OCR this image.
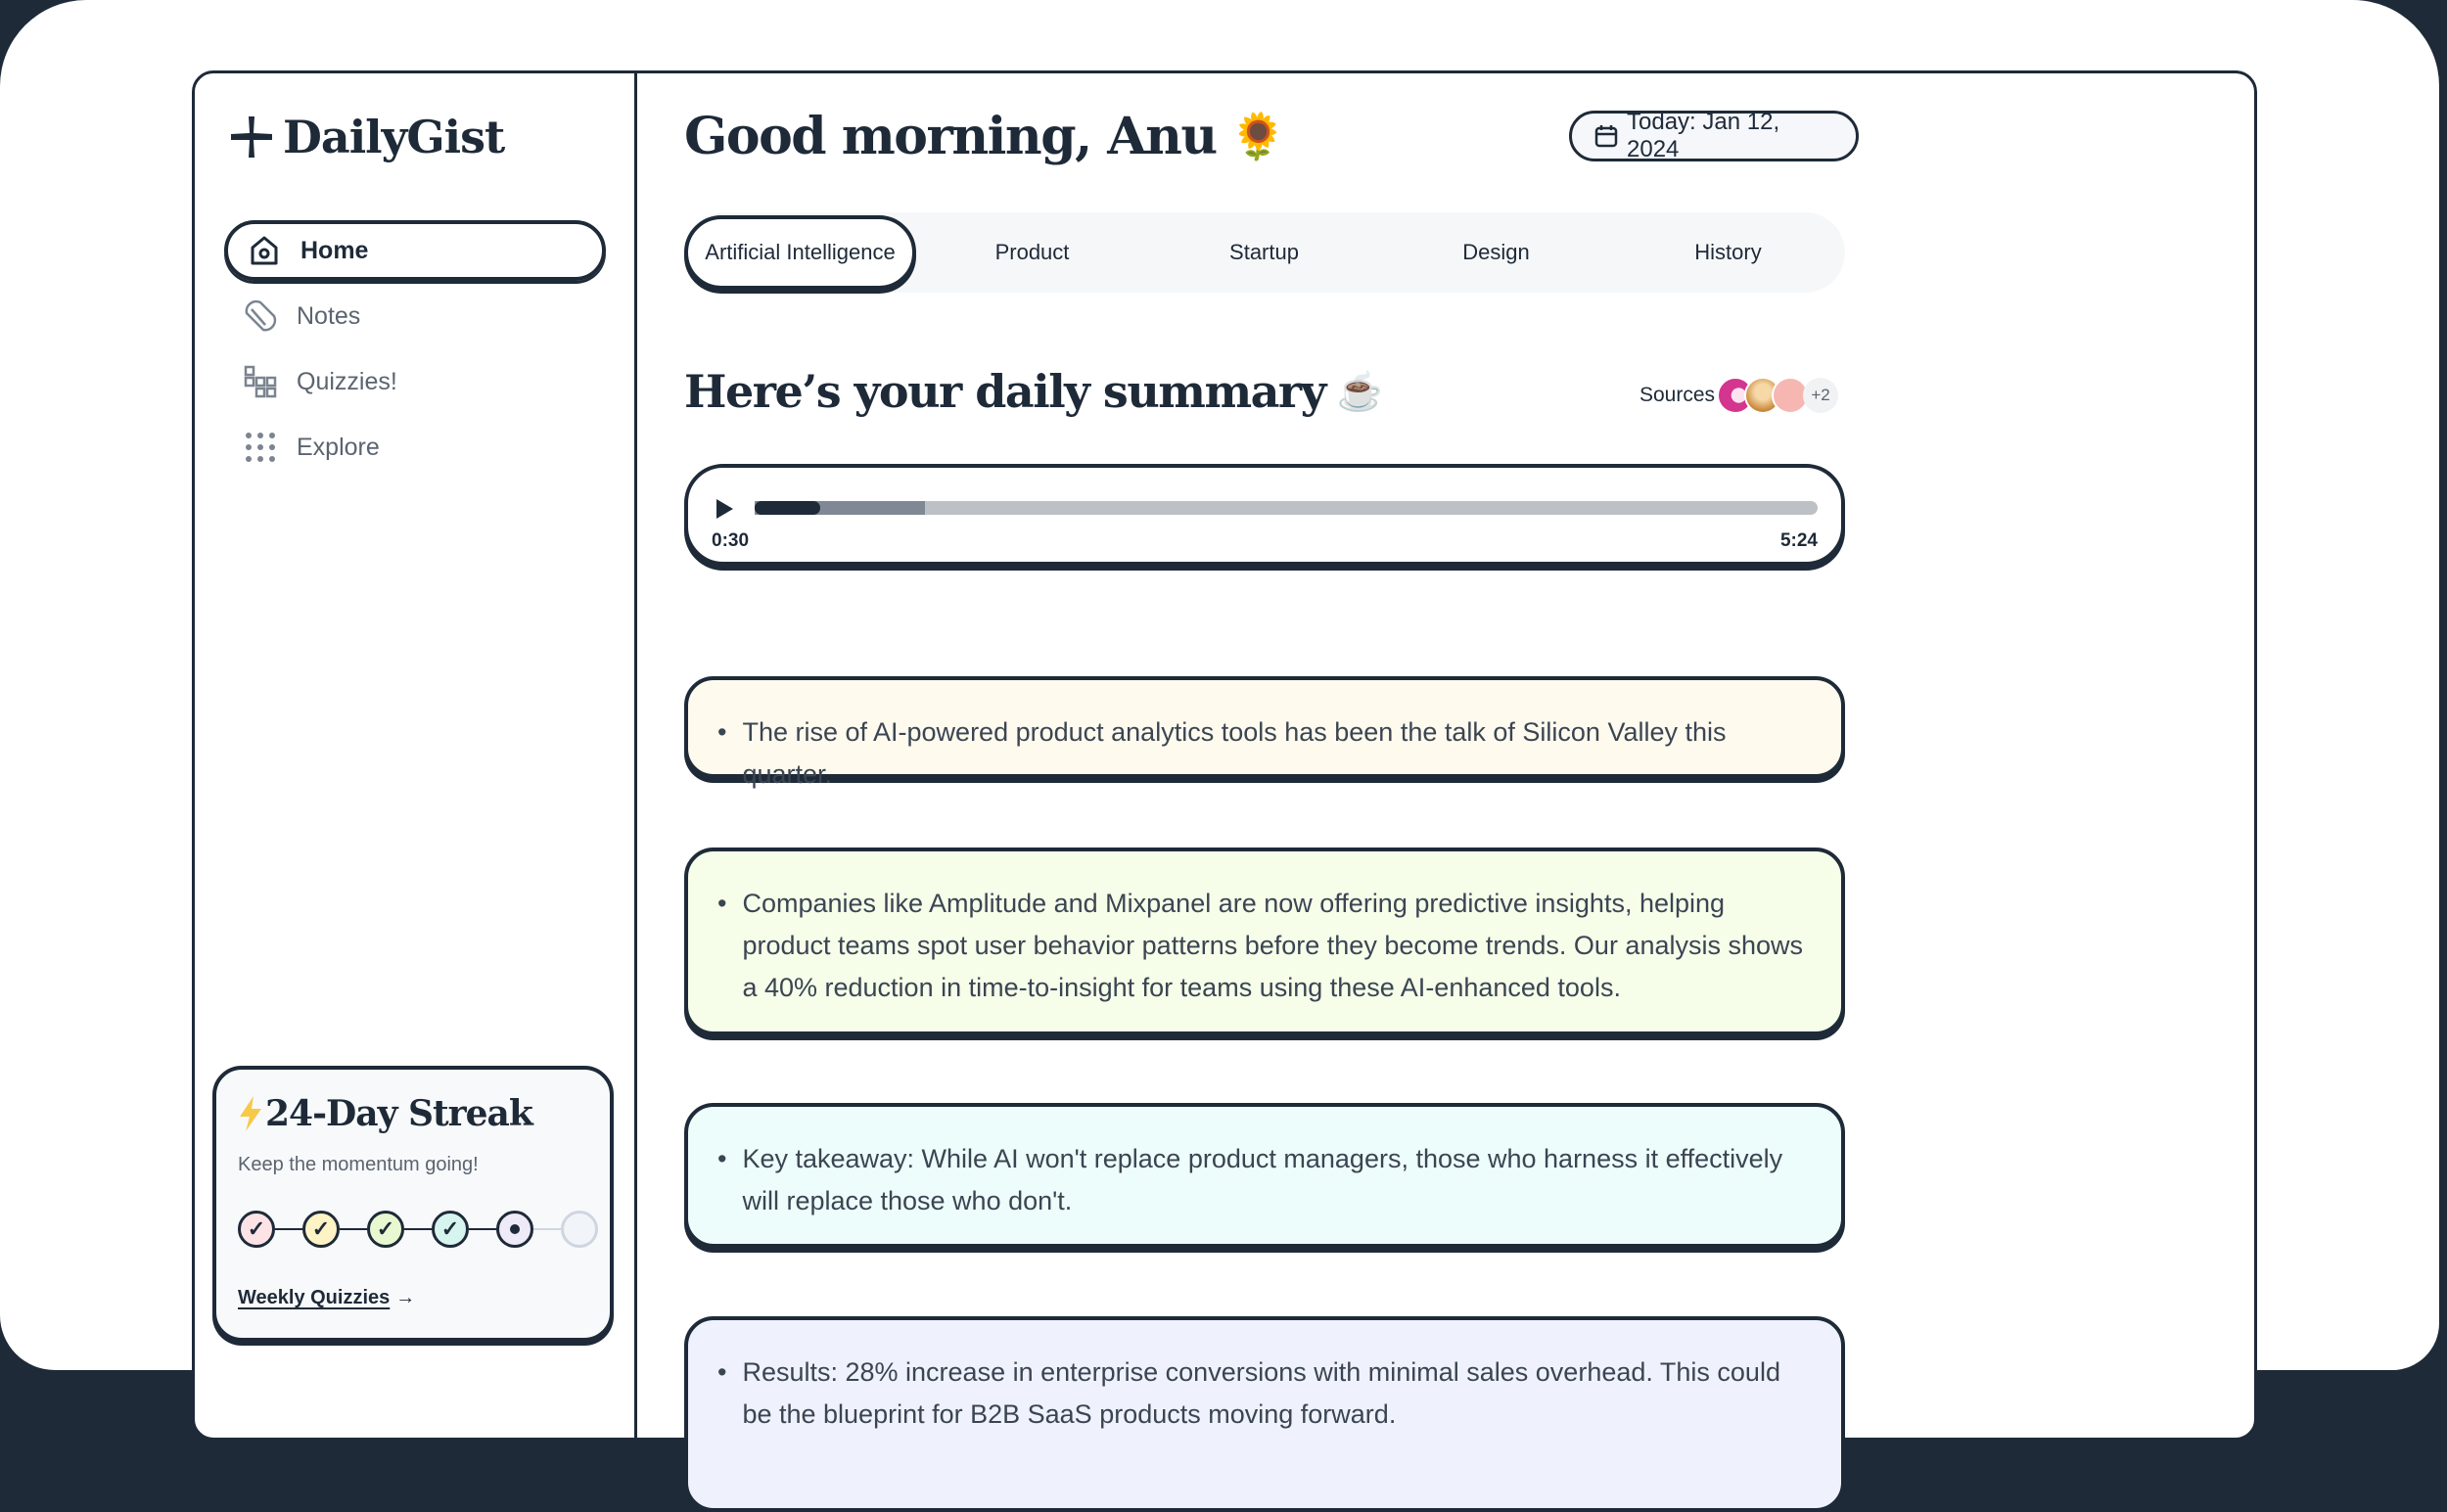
DailyGist
Home
Notes
Quizzies!
Explore
24-Day Streak
Keep the momentum going!
✓	✓	✓	✓
Weekly Quizzies →
Good morning, Anu 🌻	Today: Jan 12, 2024
Artificial Intelligence	Product	Startup	Design	History
Here’s your daily summary ☕	Sources	+2
0:30	5:24
• The rise of AI-powered product analytics tools has been the talk of Silicon Valley this quarter.
• Companies like Amplitude and Mixpanel are now offering predictive insights, helping product teams spot user behavior patterns before they become trends. Our analysis shows a 40% reduction in time-to-insight for teams using these AI-enhanced tools.
• Key takeaway: While AI won't replace product managers, those who harness it effectively will replace those who don't.
• Results: 28% increase in enterprise conversions with minimal sales overhead. This could be the blueprint for B2B SaaS products moving forward.
